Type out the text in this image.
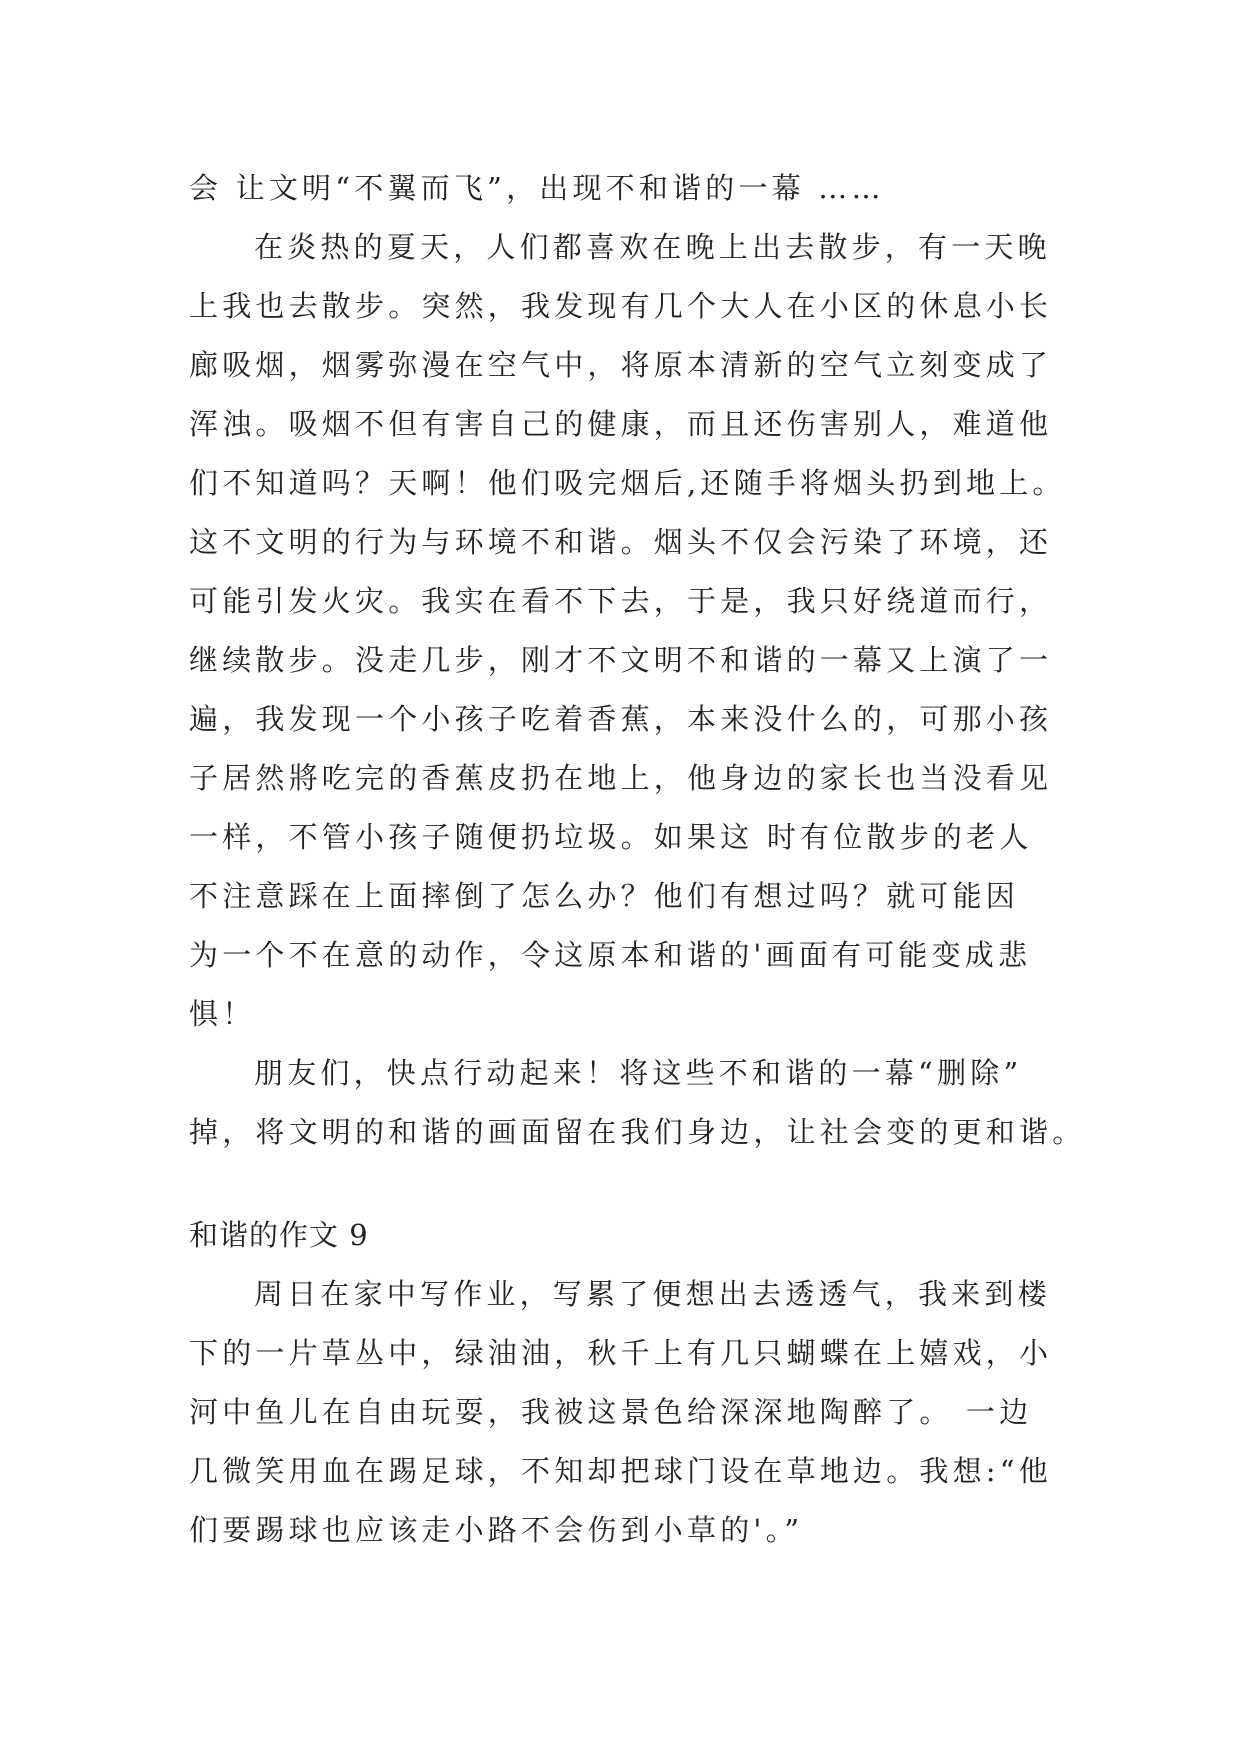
会 让文明“不翼而飞”，出现不和谐的一幕 ……
在炎热的夏天，人们都喜欢在晚上出去散步，有一天晚
上我也去散步。突然，我发现有几个大人在小区的休息小长
廊吸烟，烟雾弥漫在空气中，将原本清新的空气立刻变成了
浑浊。吸烟不但有害自己的健康，而且还伤害别人，难道他
们不知道吗？天啊！他们吸完烟后,还随手将烟头扔到地上。
这不文明的行为与环境不和谐。烟头不仅会污染了环境，还
可能引发火灾。我实在看不下去，于是，我只好绕道而行，
继续散步。没走几步，刚才不文明不和谐的一幕又上演了一
遍，我发现一个小孩子吃着香蕉，本来没什么的，可那小孩
子居然將吃完的香蕉皮扔在地上，他身边的家长也当没看见
一样，不管小孩子随便扔垃圾。如果这 时有位散步的老人
不注意踩在上面摔倒了怎么办？他们有想过吗？就可能因
为一个不在意的动作，令这原本和谐的'画面有可能变成悲
惧！
朋友们，快点行动起来！将这些不和谐的一幕“删除”
掉，将文明的和谐的画面留在我们身边，让社会变的更和谐。
和谐的作文 9
周日在家中写作业，写累了便想出去透透气，我来到楼
下的一片草丛中，绿油油，秋千上有几只蝴蝶在上嬉戏，小
河中鱼儿在自由玩耍，我被这景色给深深地陶醉了。 一边
几微笑用血在踢足球，不知却把球门设在草地边。我想:“他
们要踢球也应该走小路不会伤到小草的'。”
